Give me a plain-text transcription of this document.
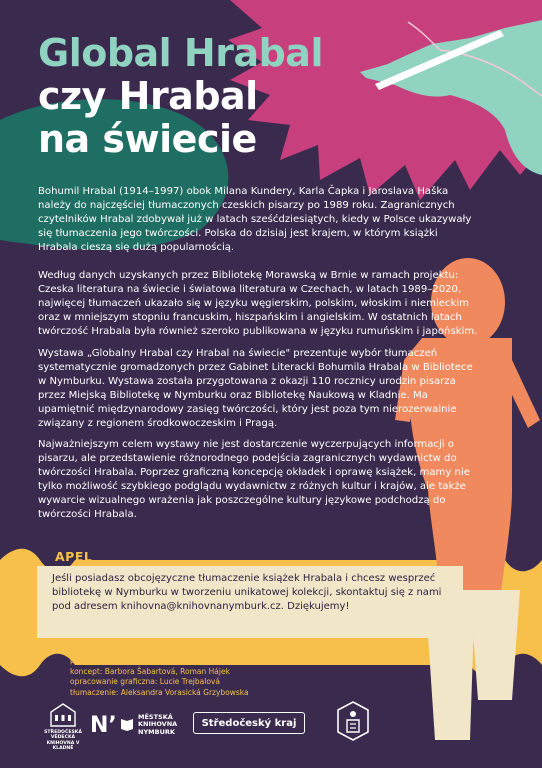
Global Hrabal
czy Hrabal
na świecie

Bohumil Hrabal (1914–1997) obok Milana Kundery, Karla Čapka i Jaroslava Haška należy do najczęściej tłumaczonych czeskich pisarzy po 1989 roku. Zagranicznych czytelników Hrabal zdobywał już w latach sześćdziesiątych, kiedy w Polsce ukazywały się tłumaczenia jego twórczości. Polska do dzisiaj jest krajem, w którym książki Hrabala cieszą się dużą popularnością.

Według danych uzyskanych przez Bibliotekę Morawską w Brnie w ramach projektu: Czeska literatura na świecie i światowa literatura w Czechach, w latach 1989–2020, najwięcej tłumaczeń ukazało się w języku węgierskim, polskim, włoskim i niemieckim oraz w mniejszym stopniu francuskim, hiszpańskim i angielskim. W ostatnich latach twórczość Hrabala była również szeroko publikowana w języku rumuńskim i japońskim.

Wystawa „Globalny Hrabal czy Hrabal na świecie" prezentuje wybór tłumaczeń systematycznie gromadzonych przez Gabinet Literacki Bohumila Hrabala w Bibliotece w Nymburku. Wystawa została przygotowana z okazji 110 rocznicy urodzin pisarza przez Miejską Bibliotekę w Nymburku oraz Bibliotekę Naukową w Kladnie. Ma upamiętnić międzynarodowy zasięg twórczości, który jest poza tym nierozerwalnie związany z regionem środkowoczeskim i Pragą.

Najważniejszym celem wystawy nie jest dostarczenie wyczerpujących informacji o pisarzu, ale przedstawienie różnorodnego podejścia zagranicznych wydawnictw do twórczości Hrabala. Poprzez graficzną koncepcję okładek i oprawę książek, mamy nie tylko możliwość szybkiego podglądu wydawnictw z różnych kultur i krajów, ale także wywarcie wizualnego wrażenia jak poszczególne kultury językowe podchodzą do twórczości Hrabala.

APEL

Jeśli posiadasz obcojęzyczne tłumaczenie książek Hrabala i chcesz wesprzeć bibliotekę w Nymburku w tworzeniu unikatowej kolekcji, skontaktuj się z nami pod adresem knihovna@knihovnanymburk.cz. Dziękujemy!

praca zbiorowa: Jan Červinka, Roman Hájek, Marek Ďurčanský
koncept: Barbora Šabartová, Roman Hájek
opracowanie graficzna: Lucie Trejbalová
tłumaczenie: Aleksandra Vorasická Grzybowska
STŘEDOČESKÁ VĚDECKÁ KNIHOVNA V KLADNĚ
N’	MĚSTSKÁ
KNIHOVNA
NYMBURK
Středočeský kraj
